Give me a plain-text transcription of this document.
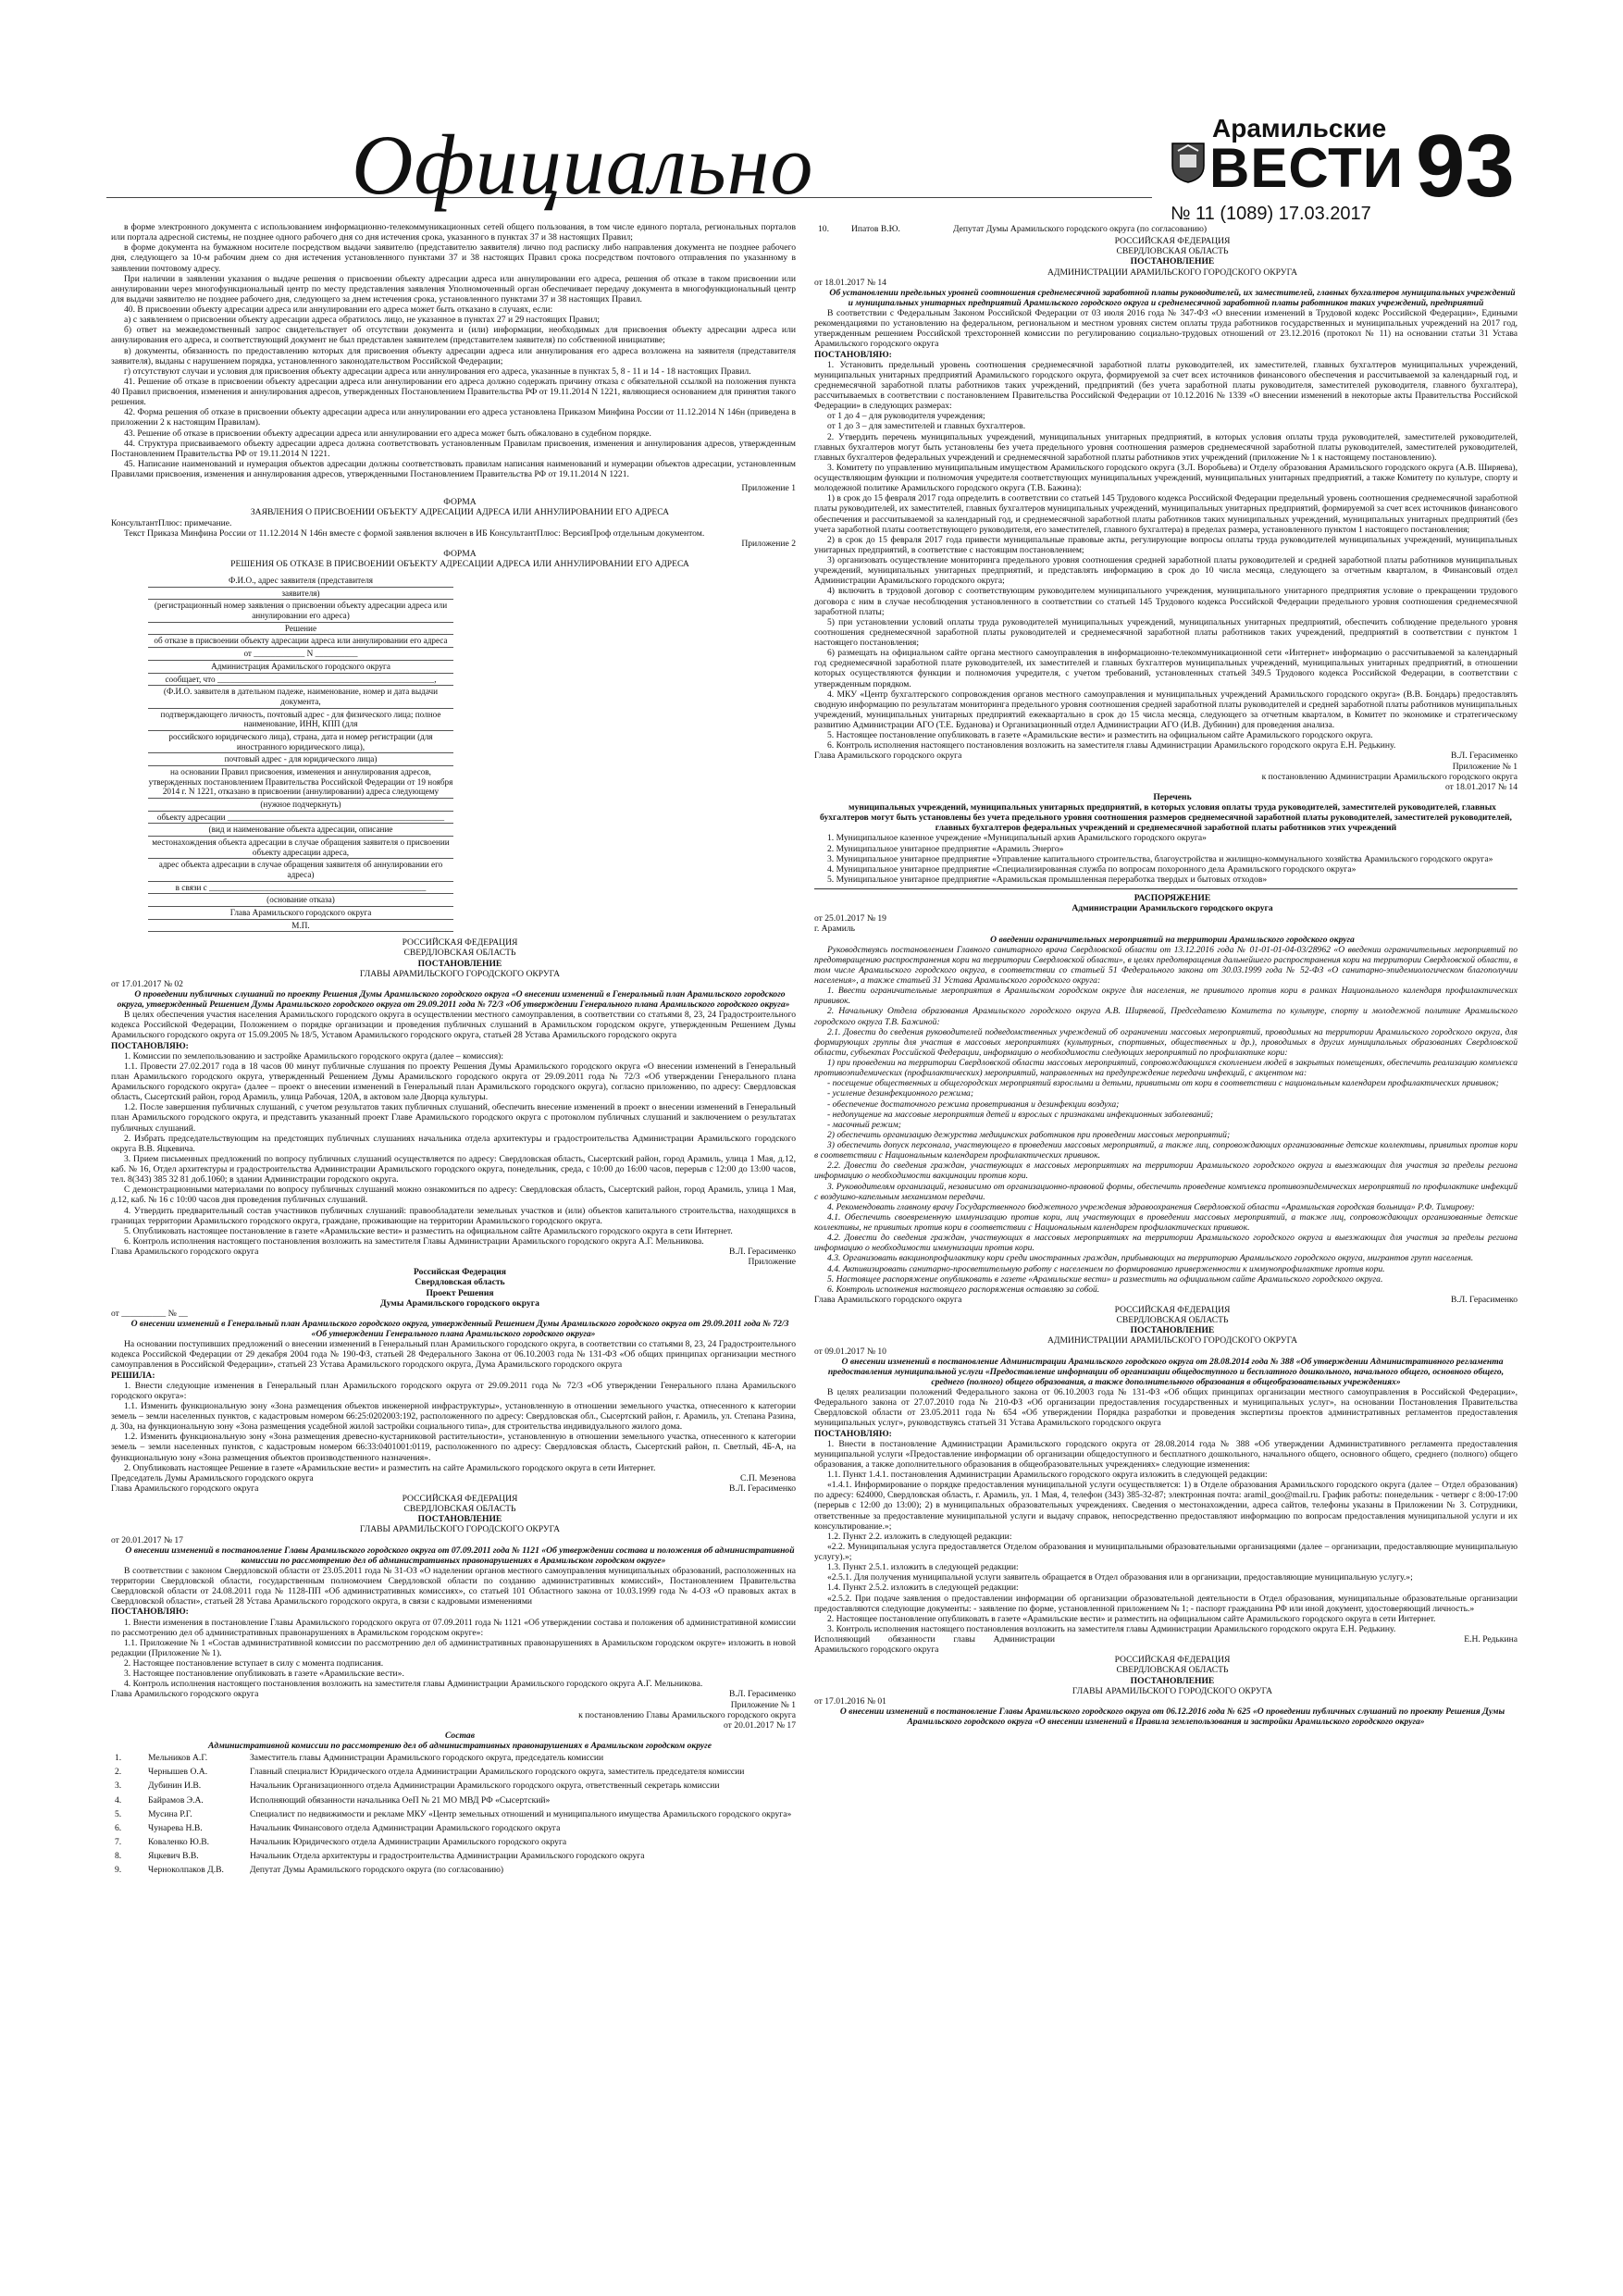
Официально	Арамильские
ВЕСТИ 93
№ 11 (1089) 17.03.2017

в форме электронного документа с использованием информационно-телекоммуникационных сетей общего пользования, в том числе единого портала, региональных порталов или портала адресной системы, не позднее одного рабочего дня со дня истечения срока, указанного в пунктах 37 и 38 настоящих Правил;

в форме документа на бумажном носителе посредством выдачи заявителю (представителю заявителя) лично под расписку либо направления документа не позднее рабочего дня, следующего за 10-м рабочим днем со дня истечения установленного пунктами 37 и 38 настоящих Правил срока посредством почтового отправления по указанному в заявлении почтовому адресу.

При наличии в заявлении указания о выдаче решения о присвоении объекту адресации адреса или аннулировании его адреса, решения об отказе в таком присвоении или аннулировании через многофункциональный центр по месту представления заявления Уполномоченный орган обеспечивает передачу документа в многофункциональный центр для выдачи заявителю не позднее рабочего дня, следующего за днем истечения срока, установленного пунктами 37 и 38 настоящих Правил.

40. В присвоении объекту адресации адреса или аннулировании его адреса может быть отказано в случаях, если:

а) с заявлением о присвоении объекту адресации адреса обратилось лицо, не указанное в пунктах 27 и 29 настоящих Правил;

б) ответ на межведомственный запрос свидетельствует об отсутствии документа и (или) информации, необходимых для присвоения объекту адресации адреса или аннулирования его адреса, и соответствующий документ не был представлен заявителем (представителем заявителя) по собственной инициативе;

в) документы, обязанность по предоставлению которых для присвоения объекту адресации адреса или аннулирования его адреса возложена на заявителя (представителя заявителя), выданы с нарушением порядка, установленного законодательством Российской Федерации;

г) отсутствуют случаи и условия для присвоения объекту адресации адреса или аннулирования его адреса, указанные в пунктах 5, 8 - 11 и 14 - 18 настоящих Правил.

41. Решение об отказе в присвоении объекту адресации адреса или аннулировании его адреса должно содержать причину отказа с обязательной ссылкой на положения пункта 40 Правил присвоения, изменения и аннулирования адресов, утвержденных Постановлением Правительства РФ от 19.11.2014 N 1221, являющиеся основанием для принятия такого решения.

42. Форма решения об отказе в присвоении объекту адресации адреса или аннулировании его адреса установлена Приказом Минфина России от 11.12.2014 N 146н (приведена в приложении 2 к настоящим Правилам).

43. Решение об отказе в присвоении объекту адресации адреса или аннулировании его адреса может быть обжаловано в судебном порядке.

44. Структура присваиваемого объекту адресации адреса должна соответствовать установленным Правилам присвоения, изменения и аннулирования адресов, утвержденным Постановлением Правительства РФ от 19.11.2014 N 1221.

45. Написание наименований и нумерация объектов адресации должны соответствовать правилам написания наименований и нумерации объектов адресации, установленным Правилами присвоения, изменения и аннулирования адресов, утвержденными Постановлением Правительства РФ от 19.11.2014 N 1221.

Приложение 1

ФОРМА

ЗАЯВЛЕНИЯ О ПРИСВОЕНИИ ОБЪЕКТУ АДРЕСАЦИИ АДРЕСА ИЛИ АННУЛИРОВАНИИ ЕГО АДРЕСА

КонсультантПлюс: примечание.

Текст Приказа Минфина России от 11.12.2014 N 146н вместе с формой заявления включен в ИБ КонсультантПлюс: ВерсияПроф отдельным документом.

Приложение 2

ФОРМА

РЕШЕНИЯ ОБ ОТКАЗЕ В ПРИСВОЕНИИ ОБЪЕКТУ АДРЕСАЦИИ АДРЕСА ИЛИ АННУЛИРОВАНИИ ЕГО АДРЕСА

Ф.И.О., адрес заявителя (представителя
заявителя)
(регистрационный номер заявления о присвоении объекту адресации адреса или аннулировании его адреса)
Решение
об отказе в присвоении объекту адресации адреса или аннулировании его адреса
от ____________ N __________
Администрация Арамильского городского округа
сообщает, что ___________________________________________________,
(Ф.И.О. заявителя в дательном падеже, наименование, номер и дата выдачи документа,
подтверждающего личность, почтовый адрес - для физического лица; полное наименование, ИНН, КПП (для
российского юридического лица), страна, дата и номер регистрации (для иностранного юридического лица),
почтовый адрес - для юридического лица)
на основании Правил присвоения, изменения и аннулирования адресов, утвержденных постановлением Правительства Российской Федерации от 19 ноября 2014 г. N 1221, отказано в присвоении (аннулировании) адреса следующему
(нужное подчеркнуть)
объекту адресации ___________________________________________________
(вид и наименование объекта адресации, описание
местонахождения объекта адресации в случае обращения заявителя о присвоении объекту адресации адреса,
адрес объекта адресации в случае обращения заявителя об аннулировании его адреса)
в связи с ___________________________________________________
(основание отказа)
Глава Арамильского городского округа
М.П.

РОССИЙСКАЯ ФЕДЕРАЦИЯ

СВЕРДЛОВСКАЯ ОБЛАСТЬ

ПОСТАНОВЛЕНИЕ

ГЛАВЫ АРАМИЛЬСКОГО ГОРОДСКОГО ОКРУГА

от 17.01.2017 № 02

О проведении публичных слушаний по проекту Решения Думы Арамильского городского округа «О внесении изменений в Генеральный план Арамильского городского округа, утвержденный Решением Думы Арамильского городского округа от 29.09.2011 года № 72/3 «Об утверждении Генерального плана Арамильского городского округа»

В целях обеспечения участия населения Арамильского городского округа в осуществлении местного самоуправления, в соответствии со статьями 8, 23, 24 Градостроительного кодекса Российской Федерации, Положением о порядке организации и проведения публичных слушаний в Арамильском городском округе, утвержденным Решением Думы Арамильского городского округа от 15.09.2005 № 18/5, Уставом Арамильского городского округа, статьей 28 Устава Арамильского городского округа

ПОСТАНОВЛЯЮ:

1. Комиссии по землепользованию и застройке Арамильского городского округа (далее – комиссия):

1.1. Провести 27.02.2017 года в 18 часов 00 минут публичные слушания по проекту Решения Думы Арамильского городского округа «О внесении изменений в Генеральный план Арамильского городского округа, утвержденный Решением Думы Арамильского городского округа от 29.09.2011 года № 72/3 «Об утверждении Генерального плана Арамильского городского округа» (далее – проект о внесении изменений в Генеральный план Арамильского городского округа), согласно приложению, по адресу: Свердловская область, Сысертский район, город Арамиль, улица Рабочая, 120А, в актовом зале Дворца культуры.

1.2. После завершения публичных слушаний, с учетом результатов таких публичных слушаний, обеспечить внесение изменений в проект о внесении изменений в Генеральный план Арамильского городского округа, и представить указанный проект Главе Арамильского городского округа с протоколом публичных слушаний и заключением о результатах публичных слушаний.

2. Избрать председательствующим на предстоящих публичных слушаниях начальника отдела архитектуры и градостроительства Администрации Арамильского городского округа В.В. Яцкевича.

3. Прием письменных предложений по вопросу публичных слушаний осуществляется по адресу: Свердловская область, Сысертский район, город Арамиль, улица 1 Мая, д.12, каб. № 16, Отдел архитектуры и градостроительства Администрации Арамильского городского округа, понедельник, среда, с 10:00 до 16:00 часов, перерыв с 12:00 до 13:00 часов, тел. 8(343) 385 32 81 доб.1060; в здании Администрации городского округа.

С демонстрационными материалами по вопросу публичных слушаний можно ознакомиться по адресу: Свердловская область, Сысертский район, город Арамиль, улица 1 Мая, д.12, каб. № 16 с 10:00 часов дня проведения публичных слушаний.

4. Утвердить предварительный состав участников публичных слушаний: правообладатели земельных участков и (или) объектов капитального строительства, находящихся в границах территории Арамильского городского округа, граждане, проживающие на территории Арамильского городского округа.

5. Опубликовать настоящее постановление в газете «Арамильские вести» и разместить на официальном сайте Арамильского городского округа в сети Интернет.

6. Контроль исполнения настоящего постановления возложить на заместителя Главы Администрации Арамильского городского округа А.Г. Мельникова.

Глава Арамильского городского округа	В.Л. Герасименко

Приложение

Российская Федерация

Свердловская область

Проект Решения

Думы Арамильского городского округа

от __________ № __

О внесении изменений в Генеральный план Арамильского городского округа, утвержденный Решением Думы Арамильского городского округа от 29.09.2011 года № 72/3 «Об утверждении Генерального плана Арамильского городского округа»

На основании поступивших предложений о внесении изменений в Генеральный план Арамильского городского округа, в соответствии со статьями 8, 23, 24 Градостроительного кодекса Российской Федерации от 29 декабря 2004 года № 190-ФЗ, статьей 28 Федерального Закона от 06.10.2003 года № 131-ФЗ «Об общих принципах организации местного самоуправления в Российской Федерации», статьей 23 Устава Арамильского городского округа, Дума Арамильского городского округа

РЕШИЛА:

1. Внести следующие изменения в Генеральный план Арамильского городского округа от 29.09.2011 года № 72/3 «Об утверждении Генерального плана Арамильского городского округа»:

1.1. Изменить функциональную зону «Зона размещения объектов инженерной инфраструктуры», установленную в отношении земельного участка, отнесенного к категории земель – земли населенных пунктов, с кадастровым номером 66:25:0202003:192, расположенного по адресу: Свердловская обл., Сысертский район, г. Арамиль, ул. Степана Разина, д. 30а, на функциональную зону «Зона размещения усадебной жилой застройки социального типа», для строительства индивидуального жилого дома.

1.2. Изменить функциональную зону «Зона размещения древесно-кустарниковой растительности», установленную в отношении земельного участка, отнесенного к категории земель – земли населенных пунктов, с кадастровым номером 66:33:0401001:0119, расположенного по адресу: Свердловская область, Сысертский район, п. Светлый, 4Б-А, на функциональную зону «Зона размещения объектов производственного назначения».

2. Опубликовать настоящее Решение в газете «Арамильские вести» и разместить на сайте Арамильского городского округа в сети Интернет.

Председатель Думы Арамильского городского округа	С.П. Мезенова
Глава Арамильского городского округа	В.Л. Герасименко

РОССИЙСКАЯ ФЕДЕРАЦИЯ

СВЕРДЛОВСКАЯ ОБЛАСТЬ

ПОСТАНОВЛЕНИЕ

ГЛАВЫ АРАМИЛЬСКОГО ГОРОДСКОГО ОКРУГА

от 20.01.2017 № 17

О внесении изменений в постановление Главы Арамильского городского округа от 07.09.2011 года № 1121 «Об утверждении состава и положения об административной комиссии по рассмотрению дел об административных правонарушениях в Арамильском городском округе»

В соответствии с законом Свердловской области от 23.05.2011 года № 31-ОЗ «О наделении органов местного самоуправления муниципальных образований, расположенных на территории Свердловской области, государственным полномочием Свердловской области по созданию административных комиссий», Постановлением Правительства Свердловской области от 24.08.2011 года № 1128-ПП «Об административных комиссиях», со статьей 101 Областного закона от 10.03.1999 года № 4-ОЗ «О правовых актах в Свердловской области», статьей 28 Устава Арамильского городского округа, в связи с кадровыми изменениями

ПОСТАНОВЛЯЮ:

1. Внести изменения в постановление Главы Арамильского городского округа от 07.09.2011 года № 1121 «Об утверждении состава и положения об административной комиссии по рассмотрению дел об административных правонарушениях в Арамильском городском округе»:

1.1. Приложение № 1 «Состав административной комиссии по рассмотрению дел об административных правонарушениях в Арамильском городском округе» изложить в новой редакции (Приложение № 1).

2. Настоящее постановление вступает в силу с момента подписания.

3. Настоящее постановление опубликовать в газете «Арамильские вести».

4. Контроль исполнения настоящего постановления возложить на заместителя главы Администрации Арамильского городского округа А.Г. Мельникова.

Глава Арамильского городского округа	В.Л. Герасименко

Приложение № 1

к постановлению Главы Арамильского городского округа

от 20.01.2017 № 17

Состав

Административной комиссии по рассмотрению дел об административных правонарушениях в Арамильском городском округе

1.	Мельников А.Г.	Заместитель главы Администрации Арамильского городского округа, председатель комиссии
2.	Чернышев О.А.	Главный специалист Юридического отдела Администрации Арамильского городского округа, заместитель председателя комиссии
3.	Дубинин И.В.	Начальник Организационного отдела Администрации Арамильского городского округа, ответственный секретарь комиссии
4.	Байрамов Э.А.	Исполняющий обязанности начальника ОеП № 21 МО МВД РФ «Сысертский»
5.	Мусина Р.Г.	Специалист по недвижимости и рекламе МКУ «Центр земельных отношений и муниципального имущества Арамильского городского округа»
6.	Чунарева Н.В.	Начальник Финансового отдела Администрации Арамильского городского округа
7.	Коваленко Ю.В.	Начальник Юридического отдела Администрации Арамильского городского округа
8.	Яцкевич В.В.	Начальник Отдела архитектуры и градостроительства Администрации Арамильского городского округа
9.	Черноколпаков Д.В.	Депутат Думы Арамильского городского округа (по согласованию)
10.	Ипатов В.Ю.	Депутат Думы Арамильского городского округа (по согласованию)

РОССИЙСКАЯ ФЕДЕРАЦИЯ

СВЕРДЛОВСКАЯ ОБЛАСТЬ

ПОСТАНОВЛЕНИЕ

АДМИНИСТРАЦИИ АРАМИЛЬСКОГО ГОРОДСКОГО ОКРУГА

от 18.01.2017 № 14

Об установлении предельных уровней соотношения среднемесячной заработной платы руководителей, их заместителей, главных бухгалтеров муниципальных учреждений и муниципальных унитарных предприятий Арамильского городского округа и среднемесячной заработной платы работников таких учреждений, предприятий

В соответствии с Федеральным Законом Российской Федерации от 03 июля 2016 года № 347-ФЗ «О внесении изменений в Трудовой кодекс Российской Федерации», Едиными рекомендациями по установлению на федеральном, региональном и местном уровнях систем оплаты труда работников государственных и муниципальных учреждений на 2017 год, утвержденным решением Российской трехсторонней комиссии по регулированию социально-трудовых отношений от 23.12.2016 (протокол № 11) на основании статьи 31 Устава Арамильского городского округа

ПОСТАНОВЛЯЮ:

1. Установить предельный уровень соотношения среднемесячной заработной платы руководителей, их заместителей, главных бухгалтеров муниципальных учреждений, муниципальных унитарных предприятий Арамильского городского округа, формируемой за счет всех источников финансового обеспечения и рассчитываемой за календарный год, и среднемесячной заработной платы работников таких учреждений, предприятий (без учета заработной платы руководителя, заместителей руководителя, главного бухгалтера), рассчитываемых в соответствии с постановлением Правительства Российской Федерации от 10.12.2016 № 1339 «О внесении изменений в некоторые акты Правительства Российской Федерации» в следующих размерах:

от 1 до 4 – для руководителя учреждения;

от 1 до 3 – для заместителей и главных бухгалтеров.

2. Утвердить перечень муниципальных учреждений, муниципальных унитарных предприятий, в которых условия оплаты труда руководителей, заместителей руководителей, главных бухгалтеров могут быть установлены без учета предельного уровня соотношения размеров среднемесячной заработной платы руководителей, заместителей руководителей, главных бухгалтеров федеральных учреждений и среднемесячной заработной платы работников этих учреждений (приложение № 1 к настоящему постановлению).

3. Комитету по управлению муниципальным имуществом Арамильского городского округа (З.Л. Воробьева) и Отделу образования Арамильского городского округа (А.В. Ширяева), осуществляющим функции и полномочия учредителя соответствующих муниципальных учреждений, муниципальных унитарных предприятий, а также Комитету по культуре, спорту и молодежной политике Арамильского городского округа (Т.В. Бажина):

1) в срок до 15 февраля 2017 года определить в соответствии со статьей 145 Трудового кодекса Российской Федерации предельный уровень соотношения среднемесячной заработной платы руководителей, их заместителей, главных бухгалтеров муниципальных учреждений, муниципальных унитарных предприятий, формируемой за счет всех источников финансового обеспечения и рассчитываемой за календарный год, и среднемесячной заработной платы работников таких муниципальных учреждений, муниципальных унитарных предприятий (без учета заработной платы соответствующего руководителя, его заместителей, главного бухгалтера) в пределах размера, установленного пунктом 1 настоящего постановления;

2) в срок до 15 февраля 2017 года привести муниципальные правовые акты, регулирующие вопросы оплаты труда руководителей муниципальных учреждений, муниципальных унитарных предприятий, в соответствие с настоящим постановлением;

3) организовать осуществление мониторинга предельного уровня соотношения средней заработной платы руководителей и средней заработной платы работников муниципальных учреждений, муниципальных унитарных предприятий, и представлять информацию в срок до 10 числа месяца, следующего за отчетным кварталом, в Финансовый отдел Администрации Арамильского городского округа;

4) включить в трудовой договор с соответствующим руководителем муниципального учреждения, муниципального унитарного предприятия условие о прекращении трудового договора с ним в случае несоблюдения установленного в соответствии со статьей 145 Трудового кодекса Российской Федерации предельного уровня соотношения среднемесячной заработной платы;

5) при установлении условий оплаты труда руководителей муниципальных учреждений, муниципальных унитарных предприятий, обеспечить соблюдение предельного уровня соотношения среднемесячной заработной платы руководителей и среднемесячной заработной платы работников таких учреждений, предприятий в соответствии с пунктом 1 настоящего постановления;

6) размещать на официальном сайте органа местного самоуправления в информационно-телекоммуникационной сети «Интернет» информацию о рассчитываемой за календарный год среднемесячной заработной плате руководителей, их заместителей и главных бухгалтеров муниципальных учреждений, муниципальных унитарных предприятий, в отношении которых осуществляются функции и полномочия учредителя, с учетом требований, установленных статьей 349.5 Трудового кодекса Российской Федерации, в соответствии с утвержденным порядком.

4. МКУ «Центр бухгалтерского сопровождения органов местного самоуправления и муниципальных учреждений Арамильского городского округа» (В.В. Бондарь) предоставлять сводную информацию по результатам мониторинга предельного уровня соотношения средней заработной платы руководителей и средней заработной платы работников муниципальных учреждений, муниципальных унитарных предприятий ежеквартально в срок до 15 числа месяца, следующего за отчетным кварталом, в Комитет по экономике и стратегическому развитию Администрации АГО (Т.Е. Буданова) и Организационный отдел Администрации АГО (И.В. Дубинин) для проведения анализа.

5. Настоящее постановление опубликовать в газете «Арамильские вести» и разместить на официальном сайте Арамильского городского округа.

6. Контроль исполнения настоящего постановления возложить на заместителя главы Администрации Арамильского городского округа Е.Н. Редькину.

Глава Арамильского городского округа	В.Л. Герасименко

Приложение № 1

к постановлению Администрации Арамильского городского округа

от 18.01.2017 № 14

Перечень

муниципальных учреждений, муниципальных унитарных предприятий, в которых условия оплаты труда руководителей, заместителей руководителей, главных бухгалтеров могут быть установлены без учета предельного уровня соотношения размеров среднемесячной заработной платы руководителей, заместителей руководителей, главных бухгалтеров федеральных учреждений и среднемесячной заработной платы работников этих учреждений

1. Муниципальное казенное учреждение «Муниципальный архив Арамильского городского округа»

2. Муниципальное унитарное предприятие «Арамиль Энерго»

3. Муниципальное унитарное предприятие «Управление капитального строительства, благоустройства и жилищно-коммунального хозяйства Арамильского городского округа»

4. Муниципальное унитарное предприятие «Специализированная служба по вопросам похоронного дела Арамильского городского округа»

5. Муниципальное унитарное предприятие «Арамильская промышленная переработка твердых и бытовых отходов»

РАСПОРЯЖЕНИЕ

Администрации Арамильского городского округа

от 25.01.2017 № 19

г. Арамиль

О введении ограничительных мероприятий на территории Арамильского городского округа

Руководствуясь постановлением Главного санитарного врача Свердловской области от 13.12.2016 года № 01-01-01-04-03/28962 «О введении ограничительных мероприятий по предотвращению распространения кори на территории Свердловской области», в целях предотвращения дальнейшего распространения кори на территории Свердловской области, в том числе Арамильского городского округа, в соответствии со статьей 51 Федерального закона от 30.03.1999 года № 52-ФЗ «О санитарно-эпидемиологическом благополучии населения», а также статьей 31 Устава Арамильского городского округа:

1. Ввести ограничительные мероприятия в Арамильском городском округе для населения, не привитого против кори в рамках Национального календаря профилактических прививок.

2. Начальнику Отдела образования Арамильского городского округа А.В. Ширяевой, Председателю Комитета по культуре, спорту и молодежной политике Арамильского городского округа Т.В. Бажиной:

2.1. Довести до сведения руководителей подведомственных учреждений об ограничении массовых мероприятий, проводимых на территории Арамильского городского округа, для формирующих группы для участия в массовых мероприятиях (культурных, спортивных, общественных и др.), проводимых в других муниципальных образованиях Свердловской области, субъектах Российской Федерации, информацию о необходимости следующих мероприятий по профилактике кори:

1) при проведении на территории Свердловской области массовых мероприятий, сопровождающихся скоплением людей в закрытых помещениях, обеспечить реализацию комплекса противоэпидемических (профилактических) мероприятий, направленных на предупреждение передачи инфекций, с акцентом на:

- посещение общественных и общегородских мероприятий взрослыми и детьми, привитыми от кори в соответствии с национальным календарем профилактических прививок;

- усиление дезинфекционного режима;

- обеспечение достаточного режима проветривания и дезинфекции воздуха;

- недопущение на массовые мероприятия детей и взрослых с признаками инфекционных заболеваний;

- масочный режим;

2) обеспечить организацию дежурства медицинских работников при проведении массовых мероприятий;

3) обеспечить допуск персонала, участвующего в проведении массовых мероприятий, а также лиц, сопровождающих организованные детские коллективы, привитых против кори в соответствии с Национальным календарем профилактических прививок.

2.2. Довести до сведения граждан, участвующих в массовых мероприятиях на территории Арамильского городского округа и выезжающих для участия за пределы региона информацию о необходимости вакцинации против кори.

3. Руководителям организаций, независимо от организационно-правовой формы, обеспечить проведение комплекса противоэпидемических мероприятий по профилактике инфекций с воздушно-капельным механизмом передачи.

4. Рекомендовать главному врачу Государственного бюджетного учреждения здравоохранения Свердловской области «Арамильская городская больница» Р.Ф. Тимирову:

4.1. Обеспечить своевременную иммунизацию против кори, лиц участвующих в проведении массовых мероприятий, а также лиц, сопровождающих организованные детские коллективы, не привитых против кори в соответствии с Национальным календарем профилактических прививок.

4.2. Довести до сведения граждан, участвующих в массовых мероприятиях на территории Арамильского городского округа и выезжающих для участия за пределы региона информацию о необходимости иммунизации против кори.

4.3. Организовать вакцинопрофилактику кори среди иностранных граждан, прибывающих на территорию Арамильского городского округа, мигрантов групп населения.

4.4. Активизировать санитарно-просветительную работу с населением по формированию приверженности к иммунопрофилактике против кори.

5. Настоящее распоряжение опубликовать в газете «Арамильские вести» и разместить на официальном сайте Арамильского городского округа.

6. Контроль исполнения настоящего распоряжения оставляю за собой.

Глава Арамильского городского округа	В.Л. Герасименко

РОССИЙСКАЯ ФЕДЕРАЦИЯ

СВЕРДЛОВСКАЯ ОБЛАСТЬ

ПОСТАНОВЛЕНИЕ

АДМИНИСТРАЦИИ АРАМИЛЬСКОГО ГОРОДСКОГО ОКРУГА

от 09.01.2017 № 10

О внесении изменений в постановление Администрации Арамильского городского округа от 28.08.2014 года № 388 «Об утверждении Административного регламента предоставления муниципальной услуги «Предоставление информации об организации общедоступного и бесплатного дошкольного, начального общего, основного общего, среднего (полного) общего образования, а также дополнительного образования в общеобразовательных учреждениях»

В целях реализации положений Федерального закона от 06.10.2003 года № 131-ФЗ «Об общих принципах организации местного самоуправления в Российской Федерации», Федерального закона от 27.07.2010 года № 210-ФЗ «Об организации предоставления государственных и муниципальных услуг», на основании Постановления Правительства Свердловской области от 23.05.2011 года № 654 «Об утверждении Порядка разработки и проведения экспертизы проектов административных регламентов предоставления муниципальных услуг», руководствуясь статьей 31 Устава Арамильского городского округа

ПОСТАНОВЛЯЮ:

1. Внести в постановление Администрации Арамильского городского округа от 28.08.2014 года № 388 «Об утверждении Административного регламента предоставления муниципальной услуги «Предоставление информации об организации общедоступного и бесплатного дошкольного, начального общего, основного общего, среднего (полного) общего образования, а также дополнительного образования в общеобразовательных учреждениях» следующие изменения:

1.1. Пункт 1.4.1. постановления Администрации Арамильского городского округа изложить в следующей редакции:

«1.4.1. Информирование о порядке предоставления муниципальной услуги осуществляется: 1) в Отделе образования Арамильского городского округа (далее – Отдел образования) по адресу: 624000, Свердловская область, г. Арамиль, ул. 1 Мая, 4, телефон (343) 385-32-87; электронная почта: aramil_goo@mail.ru. График работы: понедельник - четверг с 8:00-17:00 (перерыв с 12:00 до 13:00); 2) в муниципальных образовательных учреждениях. Сведения о местонахождении, адреса сайтов, телефоны указаны в Приложении № 3. Сотрудники, ответственные за предоставление муниципальной услуги и выдачу справок, непосредственно предоставляют информацию по вопросам предоставления муниципальной услуги и их консультирование.»;

1.2. Пункт 2.2. изложить в следующей редакции:

«2.2. Муниципальная услуга предоставляется Отделом образования и муниципальными образовательными организациями (далее – организации, предоставляющие муниципальную услугу).»;

1.3. Пункт 2.5.1. изложить в следующей редакции:

«2.5.1. Для получения муниципальной услуги заявитель обращается в Отдел образования или в организации, предоставляющие муниципальную услугу.»;

1.4. Пункт 2.5.2. изложить в следующей редакции:

«2.5.2. При подаче заявления о предоставлении информации об организации образовательной деятельности в Отдел образования, муниципальные образовательные организации предоставляются следующие документы: - заявление по форме, установленной приложением № 1; - паспорт гражданина РФ или иной документ, удостоверяющий личность.»

2. Настоящее постановление опубликовать в газете «Арамильские вести» и разместить на официальном сайте Арамильского городского округа в сети Интернет.

3. Контроль исполнения настоящего постановления возложить на заместителя главы Администрации Арамильского городского округа Е.Н. Редькину.

Исполняющий обязанности главы Администрации Арамильского городского округа
Е.Н. Редькина

РОССИЙСКАЯ ФЕДЕРАЦИЯ

СВЕРДЛОВСКАЯ ОБЛАСТЬ

ПОСТАНОВЛЕНИЕ

ГЛАВЫ АРАМИЛЬСКОГО ГОРОДСКОГО ОКРУГА

от 17.01.2016 № 01

О внесении изменений в постановление Главы Арамильского городского округа от 06.12.2016 года № 625 «О проведении публичных слушаний по проекту Решения Думы Арамильского городского округа «О внесении изменений в Правила землепользования и застройки Арамильского городского округа»
